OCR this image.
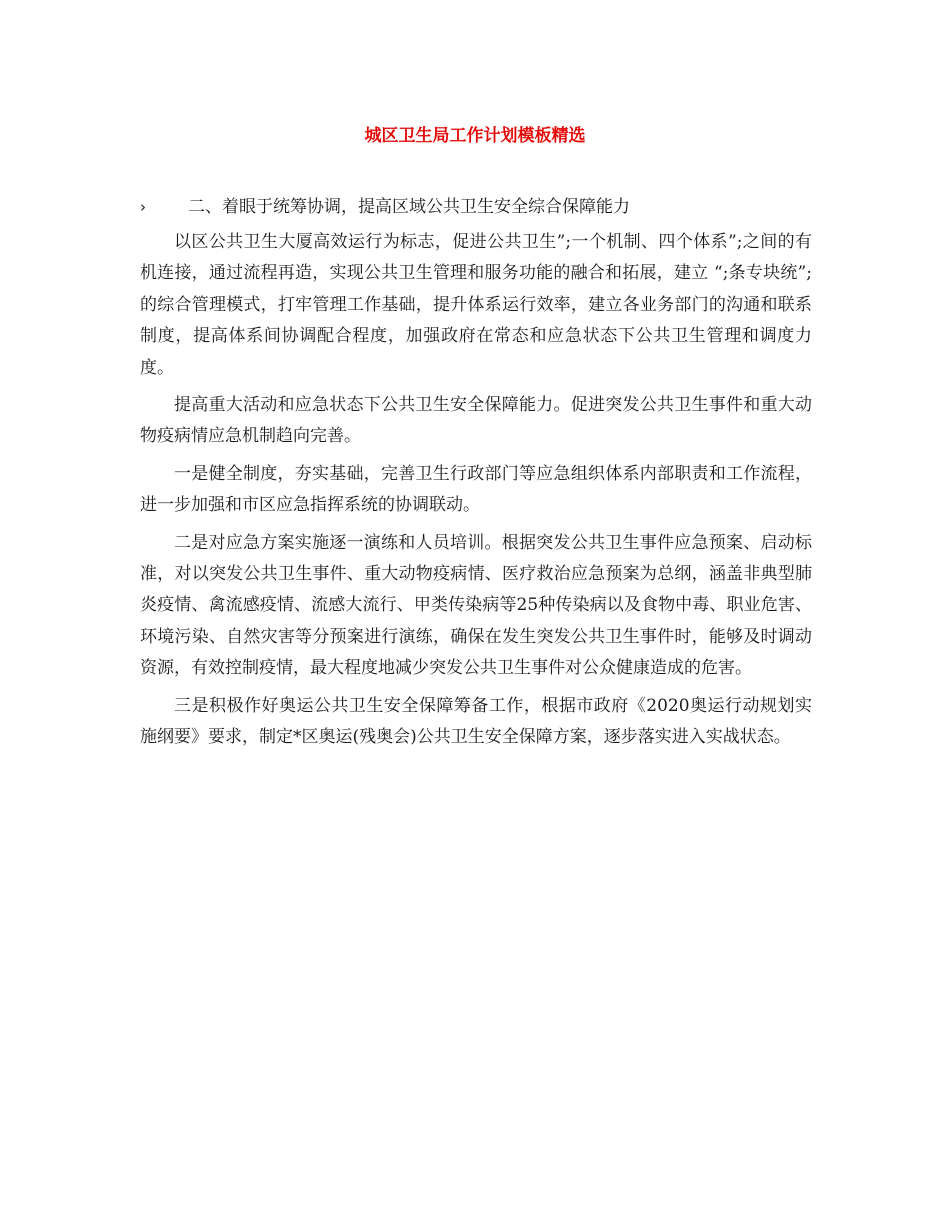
城区卫生局工作计划模板精选
› 二、着眼于统筹协调，提高区域公共卫生安全综合保障能力

以区公共卫生大厦高效运行为标志，促进公共卫生”;一个机制、四个体系”;之间的有机连接，通过流程再造，实现公共卫生管理和服务功能的融合和拓展，建立 “;条专块统”;的综合管理模式，打牢管理工作基础，提升体系运行效率，建立各业务部门的沟通和联系制度，提高体系间协调配合程度，加强政府在常态和应急状态下公共卫生管理和调度力度。

提高重大活动和应急状态下公共卫生安全保障能力。促进突发公共卫生事件和重大动物疫病情应急机制趋向完善。

一是健全制度，夯实基础，完善卫生行政部门等应急组织体系内部职责和工作流程，进一步加强和市区应急指挥系统的协调联动。

二是对应急方案实施逐一演练和人员培训。根据突发公共卫生事件应急预案、启动标准，对以突发公共卫生事件、重大动物疫病情、医疗救治应急预案为总纲，涵盖非典型肺炎疫情、禽流感疫情、流感大流行、甲类传染病等25种传染病以及食物中毒、职业危害、环境污染、自然灾害等分预案进行演练，确保在发生突发公共卫生事件时，能够及时调动资源，有效控制疫情，最大程度地减少突发公共卫生事件对公众健康造成的危害。

三是积极作好奥运公共卫生安全保障筹备工作，根据市政府《2020奥运行动规划实施纲要》要求，制定*区奥运(残奥会)公共卫生安全保障方案，逐步落实进入实战状态。
